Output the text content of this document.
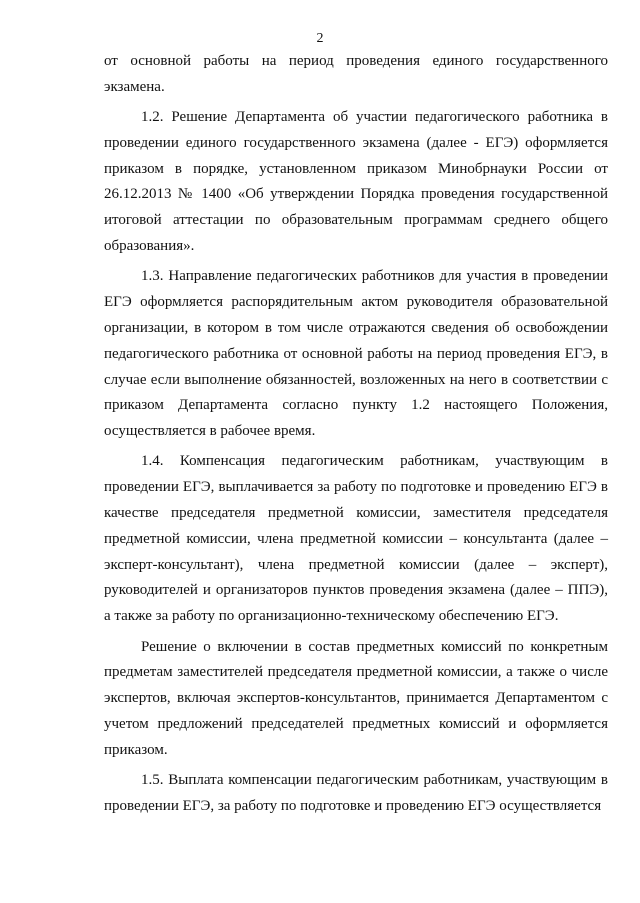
2

от основной работы на период проведения единого государственного экзамена.

1.2. Решение Департамента об участии педагогического работника в проведении единого государственного экзамена (далее - ЕГЭ) оформляется приказом в порядке, установленном приказом Минобрнауки России от 26.12.2013 № 1400 «Об утверждении Порядка проведения государственной итоговой аттестации по образовательным программам среднего общего образования».

1.3. Направление педагогических работников для участия в проведении ЕГЭ оформляется распорядительным актом руководителя образовательной организации, в котором в том числе отражаются сведения об освобождении педагогического работника от основной работы на период проведения ЕГЭ, в случае если выполнение обязанностей, возложенных на него в соответствии с приказом Департамента согласно пункту 1.2 настоящего Положения, осуществляется в рабочее время.

1.4. Компенсация педагогическим работникам, участвующим в проведении ЕГЭ, выплачивается за работу по подготовке и проведению ЕГЭ в качестве председателя предметной комиссии, заместителя председателя предметной комиссии, члена предметной комиссии – консультанта (далее – эксперт-консультант), члена предметной комиссии (далее – эксперт), руководителей и организаторов пунктов проведения экзамена (далее – ППЭ), а также за работу по организационно-техническому обеспечению ЕГЭ.

Решение о включении в состав предметных комиссий по конкретным предметам заместителей председателя предметной комиссии, а также о числе экспертов, включая экспертов-консультантов, принимается Департаментом с учетом предложений председателей предметных комиссий и оформляется приказом.

1.5. Выплата компенсации педагогическим работникам, участвующим в проведении ЕГЭ, за работу по подготовке и проведению ЕГЭ осуществляется
